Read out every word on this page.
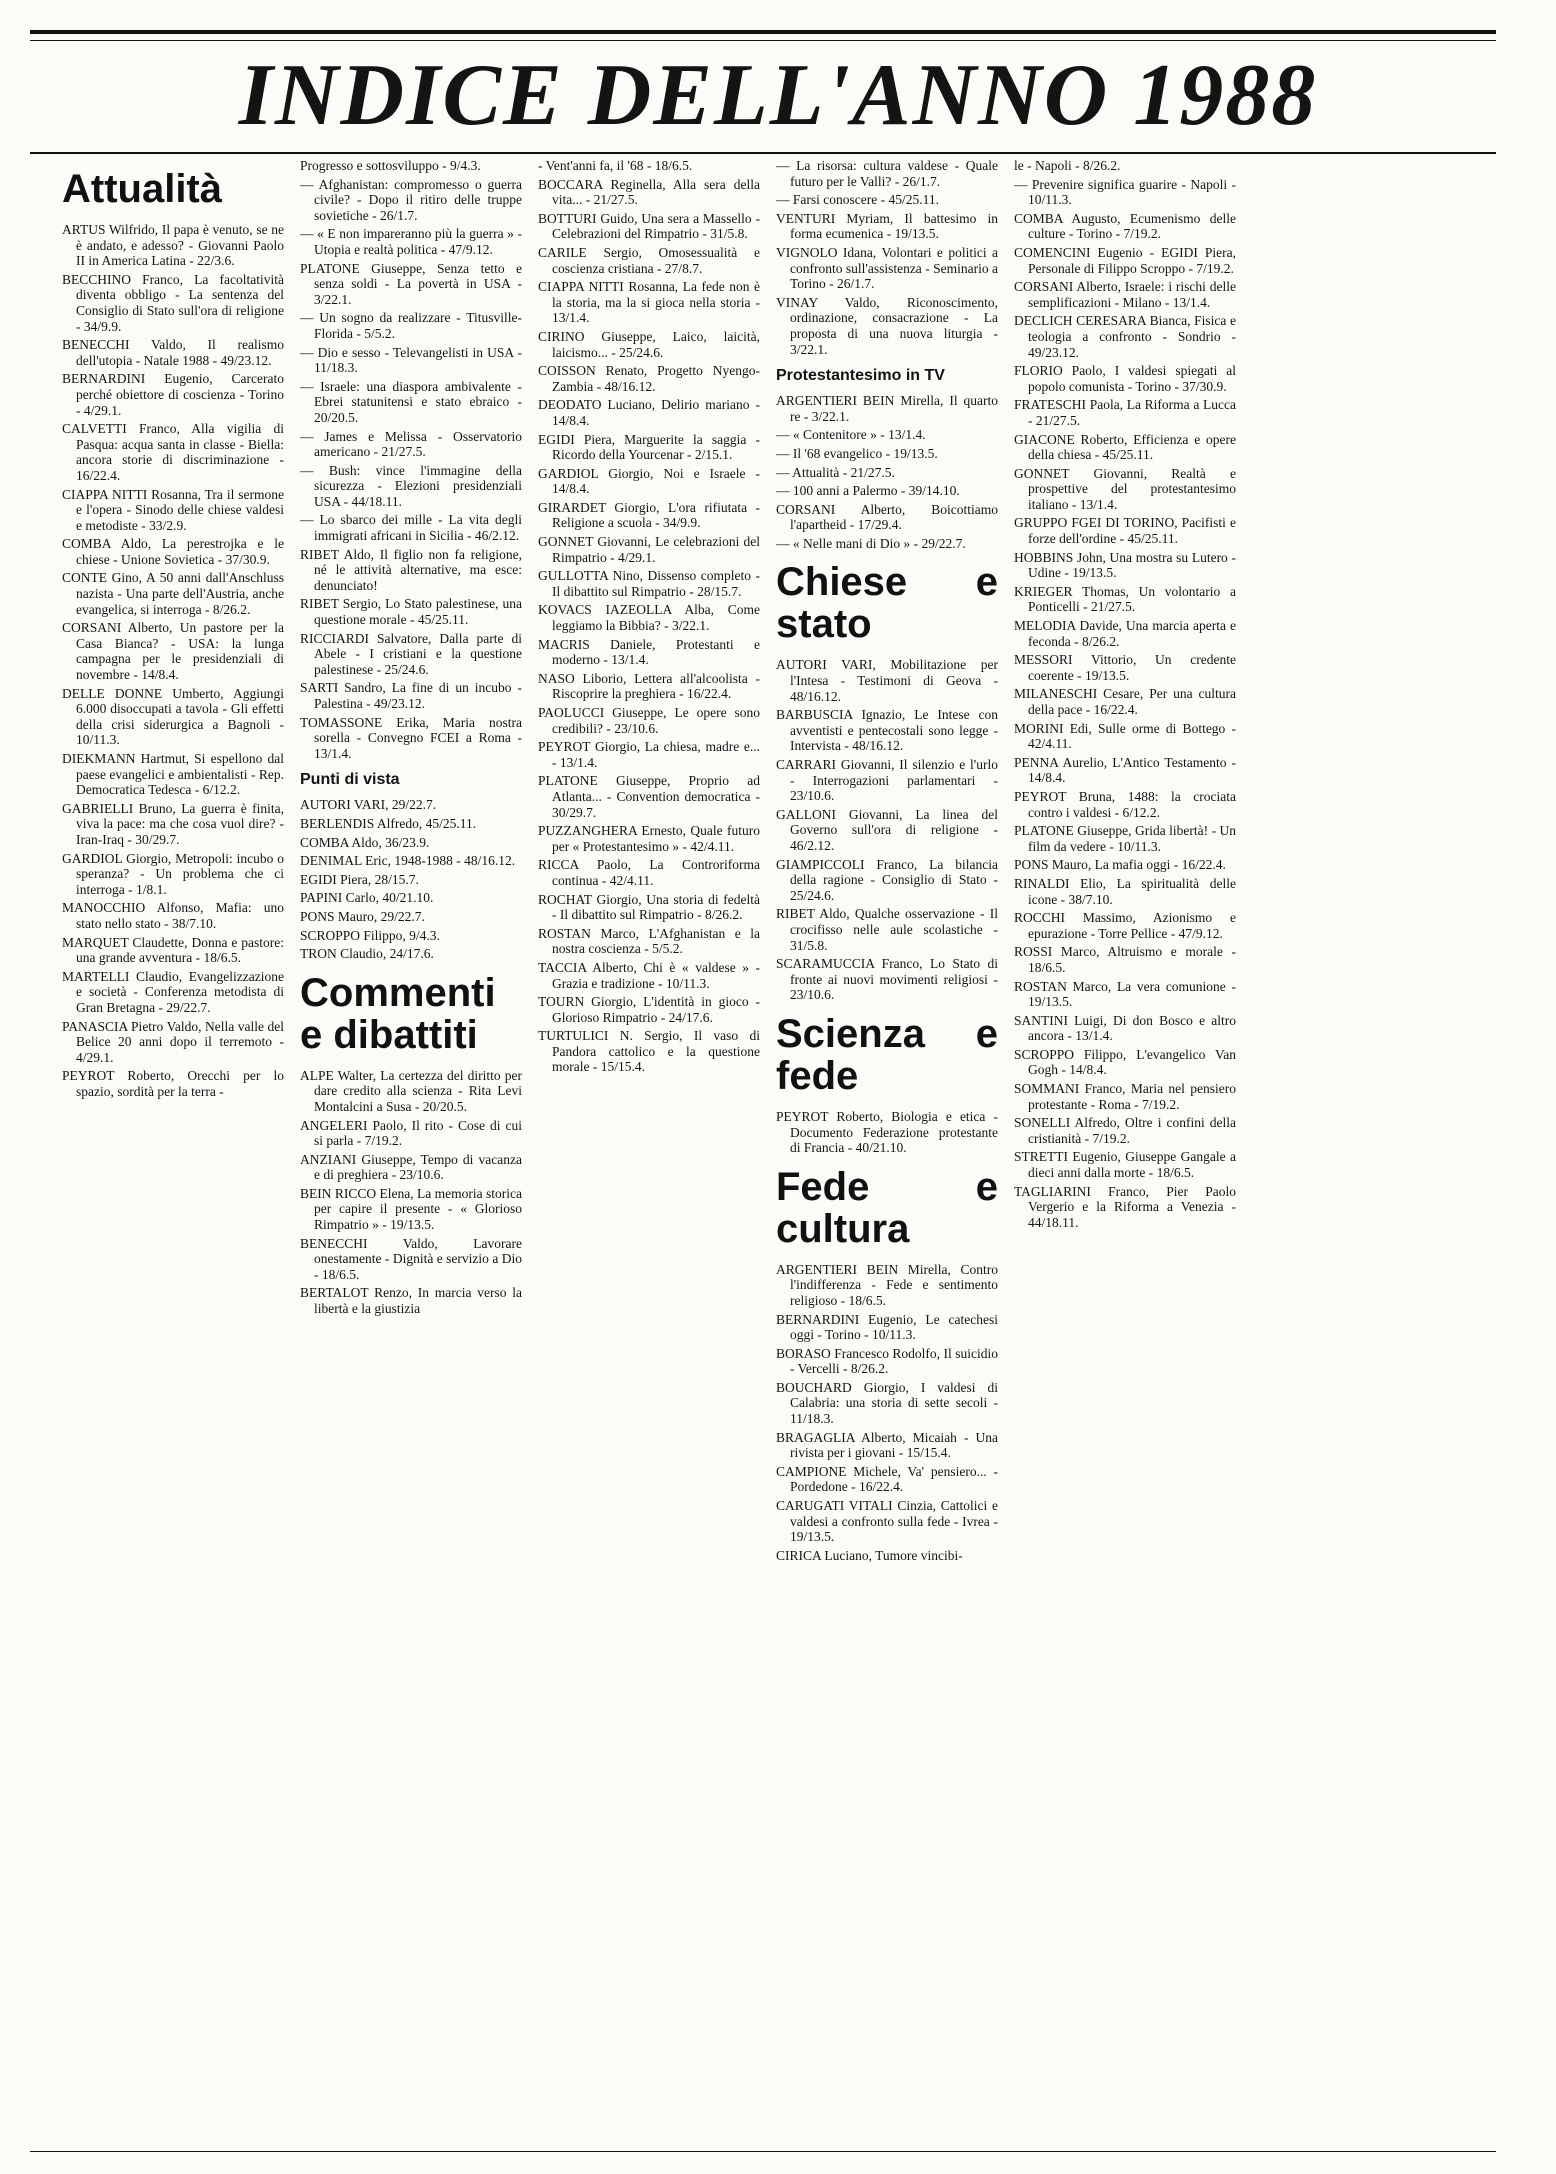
INDICE DELL'ANNO 1988
Attualità
ARTUS Wilfrido, Il papa è venuto, se ne è andato, e adesso? - Giovanni Paolo II in America Latina - 22/3.6.
BECCHINO Franco, La facoltatività diventa obbligo - La sentenza del Consiglio di Stato sull'ora di religione - 34/9.9.
BENECCHI Valdo, Il realismo dell'utopia - Natale 1988 - 49/23.12.
BERNARDINI Eugenio, Carcerato perché obiettore di coscienza - Torino - 4/29.1.
CALVETTI Franco, Alla vigilia di Pasqua: acqua santa in classe - Biella: ancora storie di discriminazione - 16/22.4.
CIAPPA NITTI Rosanna, Tra il sermone e l'opera - Sinodo delle chiese valdesi e metodiste - 33/2.9.
COMBA Aldo, La perestrojka e le chiese - Unione Sovietica - 37/30.9.
CONTE Gino, A 50 anni dall'Anschluss nazista - Una parte dell'Austria, anche evangelica, si interroga - 8/26.2.
CORSANI Alberto, Un pastore per la Casa Bianca? - USA: la lunga campagna per le presidenziali di novembre - 14/8.4.
DELLE DONNE Umberto, Aggiungi 6.000 disoccupati a tavola - Gli effetti della crisi siderurgica a Bagnoli - 10/11.3.
DIEKMANN Hartmut, Si espellono dal paese evangelici e ambientalisti - Rep. Democratica Tedesca - 6/12.2.
GABRIELLI Bruno, La guerra è finita, viva la pace: ma che cosa vuol dire? - Iran-Iraq - 30/29.7.
GARDIOL Giorgio, Metropoli: incubo o speranza? - Un problema che ci interroga - 1/8.1.
MANOCCHIO Alfonso, Mafia: uno stato nello stato - 38/7.10.
MARQUET Claudette, Donna e pastore: una grande avventura - 18/6.5.
MARTELLI Claudio, Evangelizzazione e società - Conferenza metodista di Gran Bretagna - 29/22.7.
PANASCIA Pietro Valdo, Nella valle del Belice 20 anni dopo il terremoto - 4/29.1.
PEYROT Roberto, Orecchi per lo spazio, sordità per la terra -
Progresso e sottosviluppo - 9/4.3.
— Afghanistan: compromesso o guerra civile? - Dopo il ritiro delle truppe sovietiche - 26/1.7.
— « E non impareranno più la guerra » - Utopia e realtà politica - 47/9.12.
PLATONE Giuseppe, Senza tetto e senza soldi - La povertà in USA - 3/22.1.
— Un sogno da realizzare - Titusville-Florida - 5/5.2.
— Dio e sesso - Televangelisti in USA - 11/18.3.
— Israele: una diaspora ambivalente - Ebrei statunitensi e stato ebraico - 20/20.5.
— James e Melissa - Osservatorio americano - 21/27.5.
— Bush: vince l'immagine della sicurezza - Elezioni presidenziali USA - 44/18.11.
— Lo sbarco dei mille - La vita degli immigrati africani in Sicilia - 46/2.12.
RIBET Aldo, Il figlio non fa religione, né le attività alternative, ma esce: denunciato!
RIBET Sergio, Lo Stato palestinese, una questione morale - 45/25.11.
RICCIARDI Salvatore, Dalla parte di Abele - I cristiani e la questione palestinese - 25/24.6.
SARTI Sandro, La fine di un incubo - Palestina - 49/23.12.
TOMASSONE Erika, Maria nostra sorella - Convegno FCEI a Roma - 13/1.4.
Punti di vista
AUTORI VARI, 29/22.7.
BERLENDIS Alfredo, 45/25.11.
COMBA Aldo, 36/23.9.
DENIMAL Eric, 1948-1988 - 48/16.12.
EGIDI Piera, 28/15.7.
PAPINI Carlo, 40/21.10.
PONS Mauro, 29/22.7.
SCROPPO Filippo, 9/4.3.
TRON Claudio, 24/17.6.
Commenti e dibattiti
ALPE Walter, La certezza del diritto per dare credito alla scienza - Rita Levi Montalcini a Susa - 20/20.5.
ANGELERI Paolo, Il rito - Cose di cui si parla - 7/19.2.
ANZIANI Giuseppe, Tempo di vacanza e di preghiera - 23/10.6.
BEIN RICCO Elena, La memoria storica per capire il presente - « Glorioso Rimpatrio » - 19/13.5.
BENECCHI Valdo, Lavorare onestamente - Dignità e servizio a Dio - 18/6.5.
BERTALOT Renzo, In marcia verso la libertà e la giustizia
- Vent'anni fa, il '68 - 18/6.5.
BOCCARA Reginella, Alla sera della vita... - 21/27.5.
BOTTURI Guido, Una sera a Massello - Celebrazioni del Rimpatrio - 31/5.8.
CARILE Sergio, Omosessualità e coscienza cristiana - 27/8.7.
CIAPPA NITTI Rosanna, La fede non è la storia, ma la si gioca nella storia - 13/1.4.
CIRINO Giuseppe, Laico, laicità, laicismo... - 25/24.6.
COISSON Renato, Progetto Nyengo-Zambia - 48/16.12.
DEODATO Luciano, Delirio mariano - 14/8.4.
EGIDI Piera, Marguerite la saggia - Ricordo della Yourcenar - 2/15.1.
GARDIOL Giorgio, Noi e Israele - 14/8.4.
GIRARDET Giorgio, L'ora rifiutata - Religione a scuola - 34/9.9.
GONNET Giovanni, Le celebrazioni del Rimpatrio - 4/29.1.
GULLOTTA Nino, Dissenso completo - Il dibattito sul Rimpatrio - 28/15.7.
KOVACS IAZEOLLA Alba, Come leggiamo la Bibbia? - 3/22.1.
MACRIS Daniele, Protestanti e moderno - 13/1.4.
NASO Liborio, Lettera all'alcoolista - Riscoprire la preghiera - 16/22.4.
PAOLUCCI Giuseppe, Le opere sono credibili? - 23/10.6.
PEYROT Giorgio, La chiesa, madre e... - 13/1.4.
PLATONE Giuseppe, Proprio ad Atlanta... - Convention democratica - 30/29.7.
PUZZANGHERA Ernesto, Quale futuro per « Protestantesimo » - 42/4.11.
RICCA Paolo, La Controriforma continua - 42/4.11.
ROCHAT Giorgio, Una storia di fedeltà - Il dibattito sul Rimpatrio - 8/26.2.
ROSTAN Marco, L'Afghanistan e la nostra coscienza - 5/5.2.
TACCIA Alberto, Chi è « valdese » - Grazia e tradizione - 10/11.3.
TOURN Giorgio, L'identità in gioco - Glorioso Rimpatrio - 24/17.6.
TURTULICI N. Sergio, Il vaso di Pandora cattolico e la questione morale - 15/15.4.
— La risorsa: cultura valdese - Quale futuro per le Valli? - 26/1.7.
— Farsi conoscere - 45/25.11.
VENTURI Myriam, Il battesimo in forma ecumenica - 19/13.5.
VIGNOLO Idana, Volontari e politici a confronto sull'assistenza - Seminario a Torino - 26/1.7.
VINAY Valdo, Riconoscimento, ordinazione, consacrazione - La proposta di una nuova liturgia - 3/22.1.
Protestantesimo in TV
ARGENTIERI BEIN Mirella, Il quarto re - 3/22.1.
— « Contenitore » - 13/1.4.
— Il '68 evangelico - 19/13.5.
— Attualità - 21/27.5.
— 100 anni a Palermo - 39/14.10.
CORSANI Alberto, Boicottiamo l'apartheid - 17/29.4.
— « Nelle mani di Dio » - 29/22.7.
Chiese e stato
AUTORI VARI, Mobilitazione per l'Intesa - Testimoni di Geova - 48/16.12.
BARBUSCIA Ignazio, Le Intese con avventisti e pentecostali sono legge - Intervista - 48/16.12.
CARRARI Giovanni, Il silenzio e l'urlo - Interrogazioni parlamentari - 23/10.6.
GALLONI Giovanni, La linea del Governo sull'ora di religione - 46/2.12.
GIAMPICCOLI Franco, La bilancia della ragione - Consiglio di Stato - 25/24.6.
RIBET Aldo, Qualche osservazione - Il crocifisso nelle aule scolastiche - 31/5.8.
SCARAMUCCIA Franco, Lo Stato di fronte ai nuovi movimenti religiosi - 23/10.6.
Scienza e fede
PEYROT Roberto, Biologia e etica - Documento Federazione protestante di Francia - 40/21.10.
Fede e cultura
ARGENTIERI BEIN Mirella, Contro l'indifferenza - Fede e sentimento religioso - 18/6.5.
BERNARDINI Eugenio, Le catechesi oggi - Torino - 10/11.3.
BORASO Francesco Rodolfo, Il suicidio - Vercelli - 8/26.2.
BOUCHARD Giorgio, I valdesi di Calabria: una storia di sette secoli - 11/18.3.
BRAGAGLIA Alberto, Micaiah - Una rivista per i giovani - 15/15.4.
CAMPIONE Michele, Va' pensiero... - Pordedone - 16/22.4.
CARUGATI VITALI Cinzia, Cattolici e valdesi a confronto sulla fede - Ivrea - 19/13.5.
CIRICA Luciano, Tumore vincibi-
le - Napoli - 8/26.2.
— Prevenire significa guarire - Napoli - 10/11.3.
COMBA Augusto, Ecumenismo delle culture - Torino - 7/19.2.
COMENCINI Eugenio - EGIDI Piera, Personale di Filippo Scroppo - 7/19.2.
CORSANI Alberto, Israele: i rischi delle semplificazioni - Milano - 13/1.4.
DECLICH CERESARA Bianca, Fisica e teologia a confronto - Sondrio - 49/23.12.
FLORIO Paolo, I valdesi spiegati al popolo comunista - Torino - 37/30.9.
FRATESCHI Paola, La Riforma a Lucca - 21/27.5.
GIACONE Roberto, Efficienza e opere della chiesa - 45/25.11.
GONNET Giovanni, Realtà e prospettive del protestantesimo italiano - 13/1.4.
GRUPPO FGEI DI TORINO, Pacifisti e forze dell'ordine - 45/25.11.
HOBBINS John, Una mostra su Lutero - Udine - 19/13.5.
KRIEGER Thomas, Un volontario a Ponticelli - 21/27.5.
MELODIA Davide, Una marcia aperta e feconda - 8/26.2.
MESSORI Vittorio, Un credente coerente - 19/13.5.
MILANESCHI Cesare, Per una cultura della pace - 16/22.4.
MORINI Edi, Sulle orme di Bottego - 42/4.11.
PENNA Aurelio, L'Antico Testamento - 14/8.4.
PEYROT Bruna, 1488: la crociata contro i valdesi - 6/12.2.
PLATONE Giuseppe, Grida libertà! - Un film da vedere - 10/11.3.
PONS Mauro, La mafia oggi - 16/22.4.
RINALDI Elio, La spiritualità delle icone - 38/7.10.
ROCCHI Massimo, Azionismo e epurazione - Torre Pellice - 47/9.12.
ROSSI Marco, Altruismo e morale - 18/6.5.
ROSTAN Marco, La vera comunione - 19/13.5.
SANTINI Luigi, Di don Bosco e altro ancora - 13/1.4.
SCROPPO Filippo, L'evangelico Van Gogh - 14/8.4.
SOMMANI Franco, Maria nel pensiero protestante - Roma - 7/19.2.
SONELLI Alfredo, Oltre i confini della cristianità - 7/19.2.
STRETTI Eugenio, Giuseppe Gangale a dieci anni dalla morte - 18/6.5.
TAGLIARINI Franco, Pier Paolo Vergerio e la Riforma a Venezia - 44/18.11.
